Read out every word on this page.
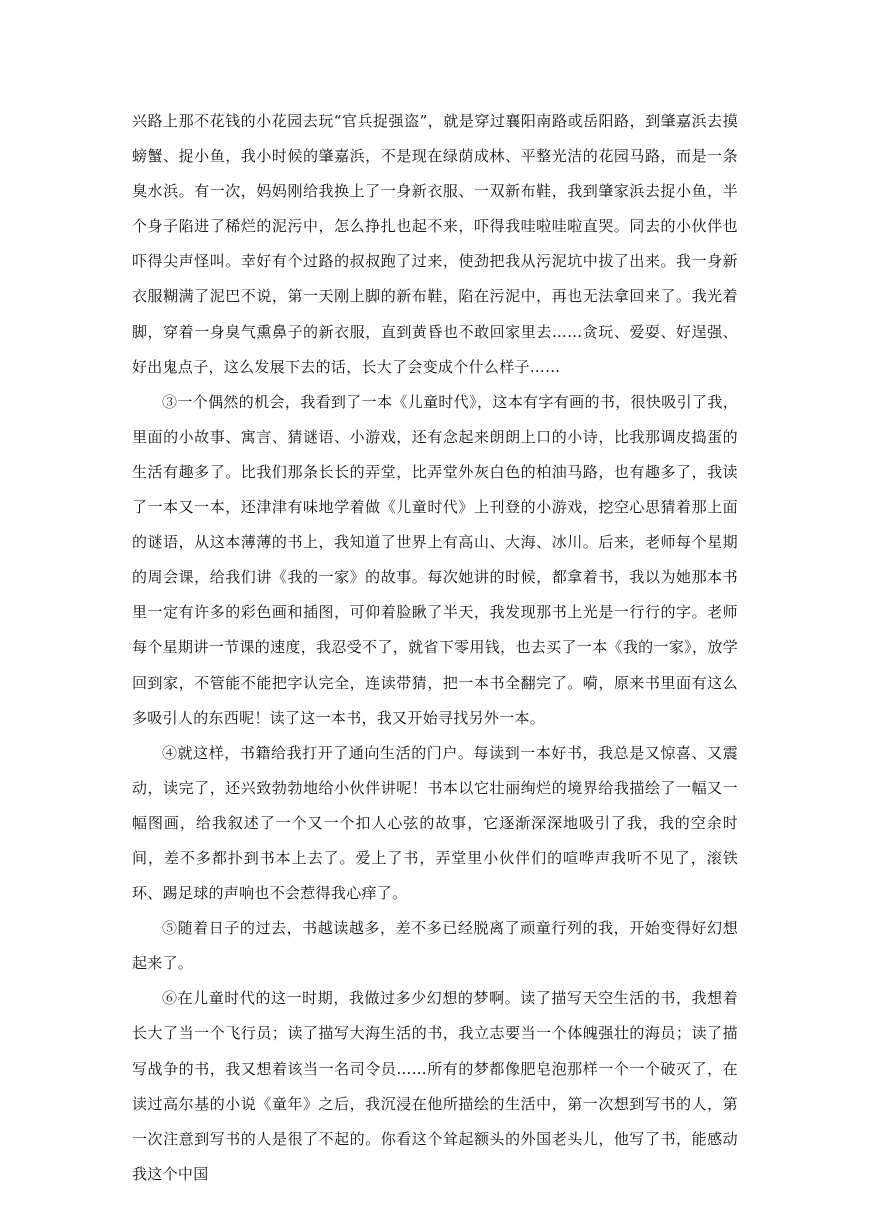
兴路上那不花钱的小花园去玩“官兵捉强盗”，就是穿过襄阳南路或岳阳路，到肇嘉浜去摸螃蟹、捉小鱼，我小时候的肇嘉浜，不是现在绿荫成林、平整光洁的花园马路，而是一条臭水浜。有一次，妈妈刚给我换上了一身新衣服、一双新布鞋，我到肇家浜去捉小鱼，半个身子陷进了稀烂的泥污中，怎么挣扎也起不来，吓得我哇啦哇啦直哭。同去的小伙伴也吓得尖声怪叫。幸好有个过路的叔叔跑了过来，使劲把我从污泥坑中拔了出来。我一身新衣服糊满了泥巴不说，第一天刚上脚的新布鞋，陷在污泥中，再也无法拿回来了。我光着脚，穿着一身臭气熏鼻子的新衣服，直到黄昏也不敢回家里去……贪玩、爱耍、好逞强、好出鬼点子，这么发展下去的话，长大了会变成个什么样子……

③一个偶然的机会，我看到了一本《儿童时代》，这本有字有画的书，很快吸引了我，里面的小故事、寓言、猜谜语、小游戏，还有念起来朗朗上口的小诗，比我那调皮捣蛋的生活有趣多了。比我们那条长长的弄堂，比弄堂外灰白色的柏油马路，也有趣多了，我读了一本又一本，还津津有味地学着做《儿童时代》上刊登的小游戏，挖空心思猜着那上面的谜语，从这本薄薄的书上，我知道了世界上有高山、大海、冰川。后来，老师每个星期的周会课，给我们讲《我的一家》的故事。每次她讲的时候，都拿着书，我以为她那本书里一定有许多的彩色画和插图，可仰着脸瞅了半天，我发现那书上光是一行行的字。老师每个星期讲一节课的速度，我忍受不了，就省下零用钱，也去买了一本《我的一家》，放学回到家，不管能不能把字认完全，连读带猜，把一本书全翻完了。嗬，原来书里面有这么多吸引人的东西呢！读了这一本书，我又开始寻找另外一本。

④就这样，书籍给我打开了通向生活的门户。每读到一本好书，我总是又惊喜、又震动，读完了，还兴致勃勃地给小伙伴讲呢！书本以它壮丽绚烂的境界给我描绘了一幅又一幅图画，给我叙述了一个又一个扣人心弦的故事，它逐渐深深地吸引了我，我的空余时间，差不多都扑到书本上去了。爱上了书，弄堂里小伙伴们的喧哗声我听不见了，滚铁环、踢足球的声响也不会惹得我心痒了。

⑤随着日子的过去，书越读越多，差不多已经脱离了顽童行列的我，开始变得好幻想起来了。

⑥在儿童时代的这一时期，我做过多少幻想的梦啊。读了描写天空生活的书，我想着长大了当一个飞行员；读了描写大海生活的书，我立志要当一个体魄强壮的海员；读了描写战争的书，我又想着该当一名司令员……所有的梦都像肥皂泡那样一个一个破灭了，在读过高尔基的小说《童年》之后，我沉浸在他所描绘的生活中，第一次想到写书的人，第一次注意到写书的人是很了不起的。你看这个耸起额头的外国老头儿，他写了书，能感动我这个中国
